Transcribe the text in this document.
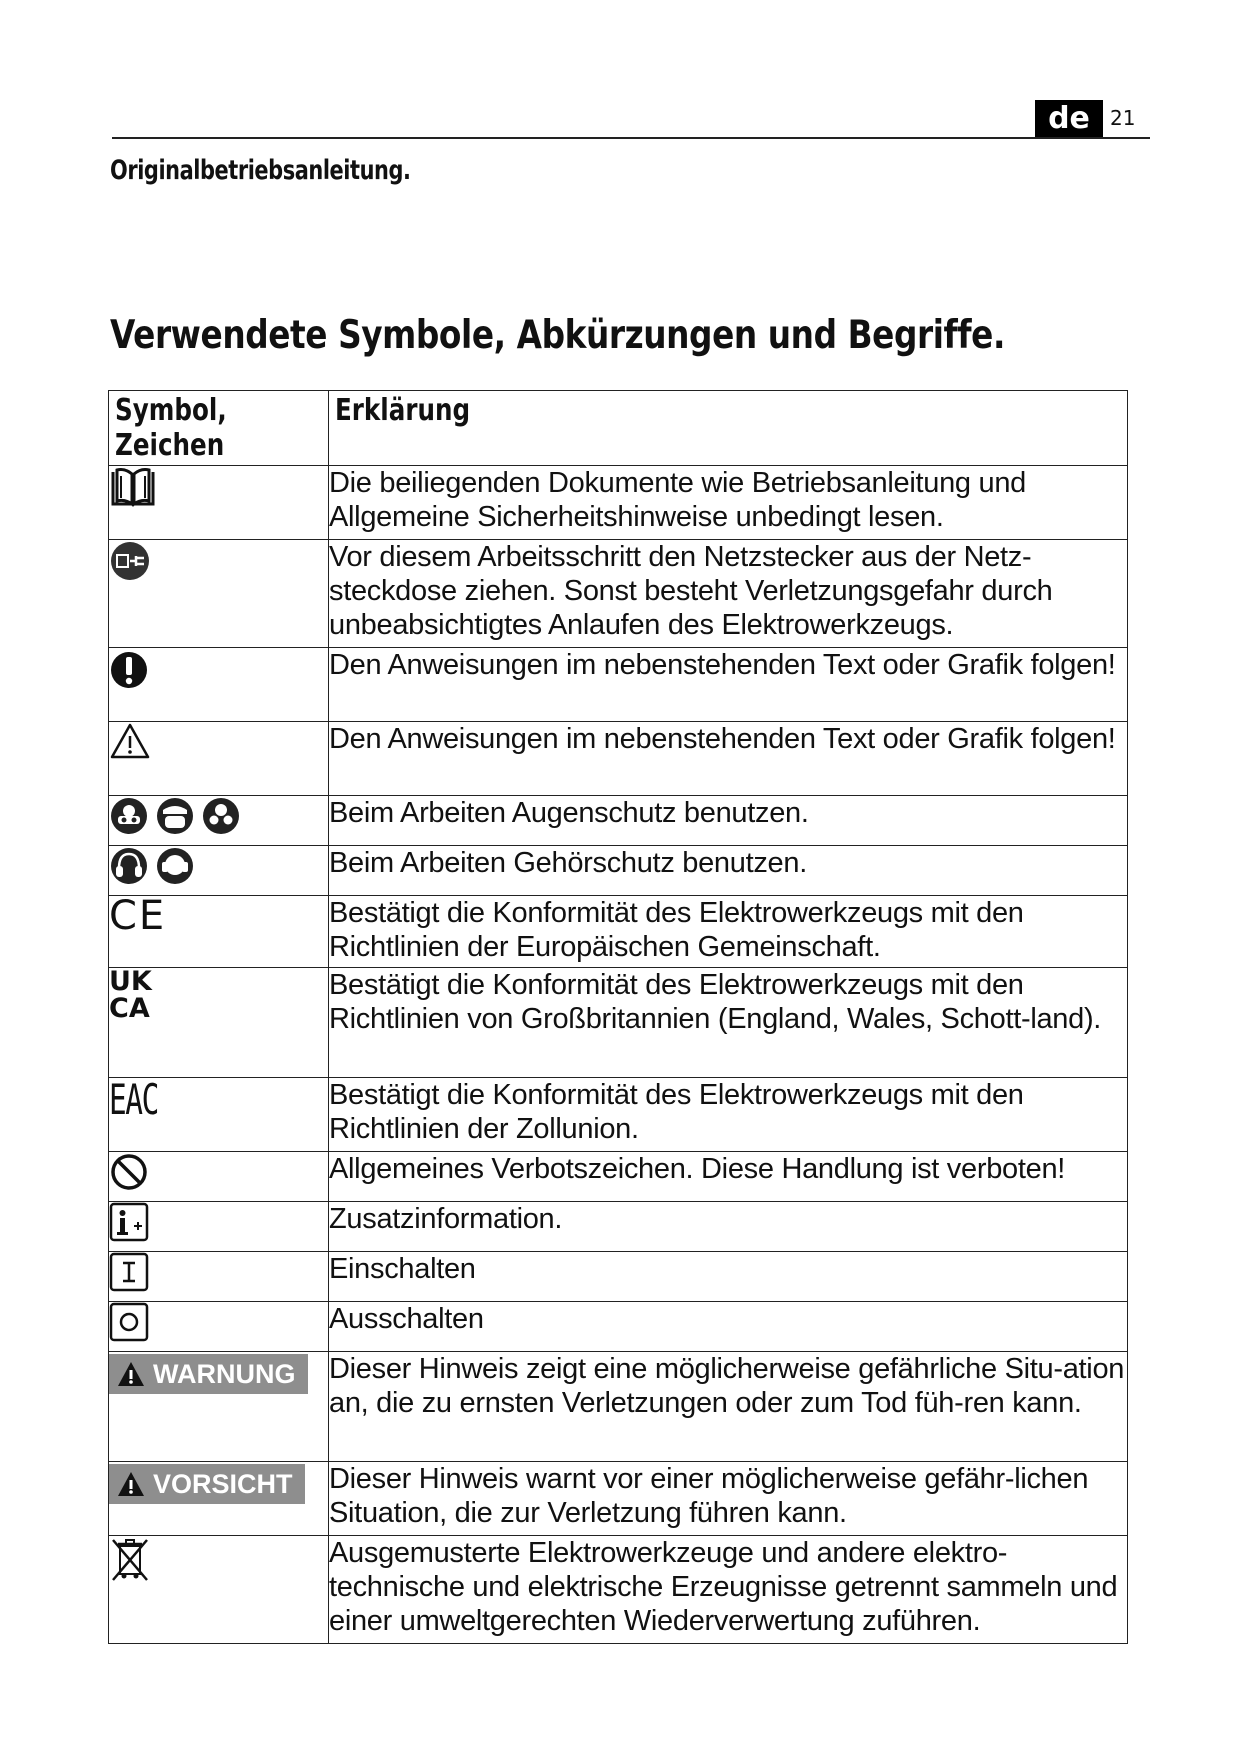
de	21
Originalbetriebsanleitung.
Verwendete Symbole, Abkürzungen und Begriffe.
Symbol,
Zeichen	Erklärung
	Die beiliegenden Dokumente wie Betriebsanleitung und Allgemeine Sicherheitshinweise unbedingt lesen.
	Vor diesem Arbeitsschritt den Netzstecker aus der Netz-steckdose ziehen. Sonst besteht Verletzungsgefahr durch unbeabsichtigtes Anlaufen des Elektrowerkzeugs.
	Den Anweisungen im nebenstehenden Text oder Grafik folgen!
	Den Anweisungen im nebenstehenden Text oder Grafik folgen!
	Beim Arbeiten Augenschutz benutzen.
	Beim Arbeiten Gehörschutz benutzen.
CE	Bestätigt die Konformität des Elektrowerkzeugs mit den Richtlinien der Europäischen Gemeinschaft.
UK
CA	Bestätigt die Konformität des Elektrowerkzeugs mit den Richtlinien von Großbritannien (England, Wales, Schott-land).
EAC	Bestätigt die Konformität des Elektrowerkzeugs mit den Richtlinien der Zollunion.
	Allgemeines Verbotszeichen. Diese Handlung ist verboten!
	Zusatzinformation.
	Einschalten
	Ausschalten

WARNUNG	Dieser Hinweis zeigt eine möglicherweise gefährliche Situ-ation an, die zu ernsten Verletzungen oder zum Tod füh-ren kann.

VORSICHT	Dieser Hinweis warnt vor einer möglicherweise gefähr-lichen Situation, die zur Verletzung führen kann.
	Ausgemusterte Elektrowerkzeuge und andere elektro-technische und elektrische Erzeugnisse getrennt sammeln und einer umweltgerechten Wiederverwertung zuführen.
